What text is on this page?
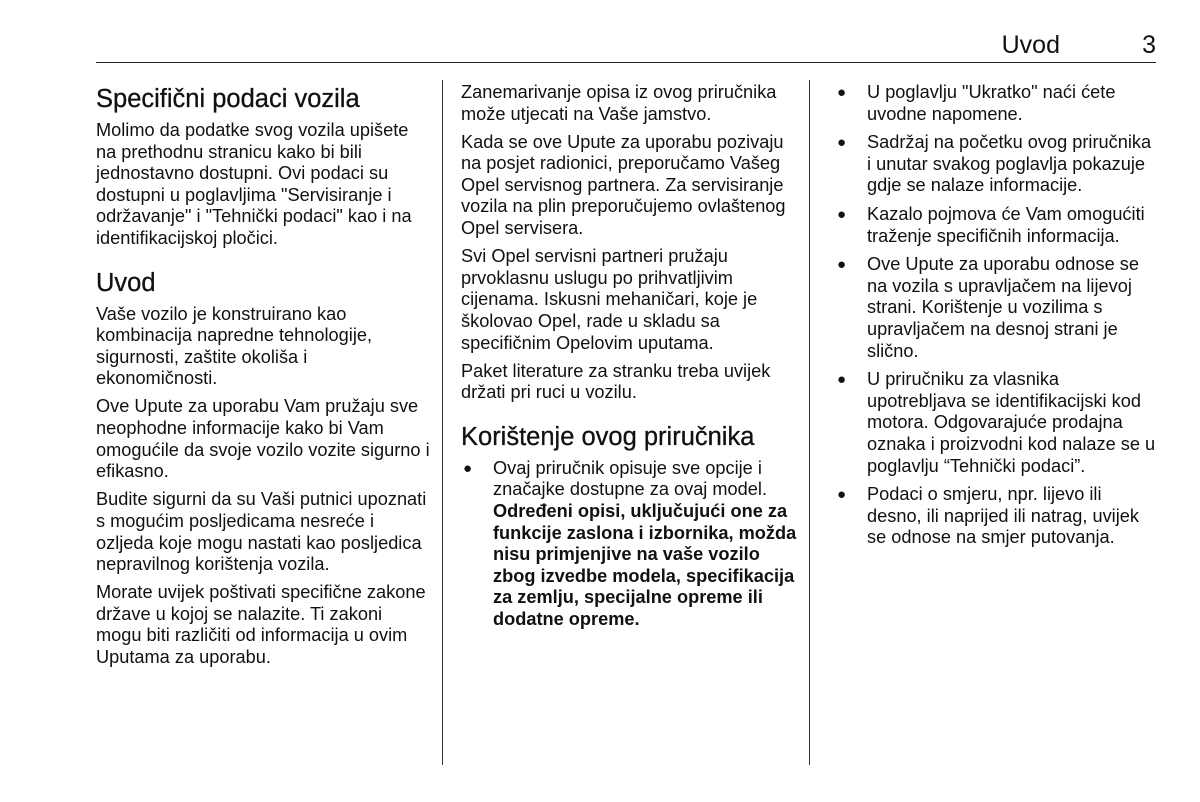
Uvod	3
Specifični podaci vozila

Molimo da podatke svog vozila upišete na prethodnu stranicu kako bi bili jednostavno dostupni. Ovi podaci su dostupni u poglavljima "Servisiranje i održavanje" i "Tehnički podaci" kao i na identifikacijskoj pločici.

Uvod

Vaše vozilo je konstruirano kao kombinacija napredne tehnologije, sigurnosti, zaštite okoliša i ekonomičnosti.

Ove Upute za uporabu Vam pružaju sve neophodne informacije kako bi Vam omogućile da svoje vozilo vozite sigurno i efikasno.

Budite sigurni da su Vaši putnici upoznati s mogućim posljedicama nesreće i ozljeda koje mogu nastati kao posljedica nepravilnog korištenja vozila.

Morate uvijek poštivati specifične zakone države u kojoj se nalazite. Ti zakoni mogu biti različiti od informacija u ovim Uputama za uporabu.

Zanemarivanje opisa iz ovog priručnika može utjecati na Vaše jamstvo.

Kada se ove Upute za uporabu pozivaju na posjet radionici, preporučamo Vašeg Opel servisnog partnera. Za servisiranje vozila na plin preporučujemo ovlaštenog Opel servisera.

Svi Opel servisni partneri pružaju prvoklasnu uslugu po prihvatljivim cijenama. Iskusni mehaničari, koje je školovao Opel, rade u skladu sa specifičnim Opelovim uputama.

Paket literature za stranku treba uvijek držati pri ruci u vozilu.

Korištenje ovog priručnika
● Ovaj priručnik opisuje sve opcije i značajke dostupne za ovaj model. Određeni opisi, uključujući one za funkcije zaslona i izbornika, možda nisu primjenjive na vaše vozilo zbog izvedbe modela, specifikacija za zemlju, specijalne opreme ili dodatne opreme.
● U poglavlju "Ukratko" naći ćete uvodne napomene.
● Sadržaj na početku ovog priručnika i unutar svakog poglavlja pokazuje gdje se nalaze informacije.
● Kazalo pojmova će Vam omogućiti traženje specifičnih informacija.
● Ove Upute za uporabu odnose se na vozila s upravljačem na lijevoj strani. Korištenje u vozilima s upravljačem na desnoj strani je slično.
● U priručniku za vlasnika upotrebljava se identifikacijski kod motora. Odgovarajuće prodajna oznaka i proizvodni kod nalaze se u poglavlju “Tehnički podaci”.
● Podaci o smjeru, npr. lijevo ili desno, ili naprijed ili natrag, uvijek se odnose na smjer putovanja.
